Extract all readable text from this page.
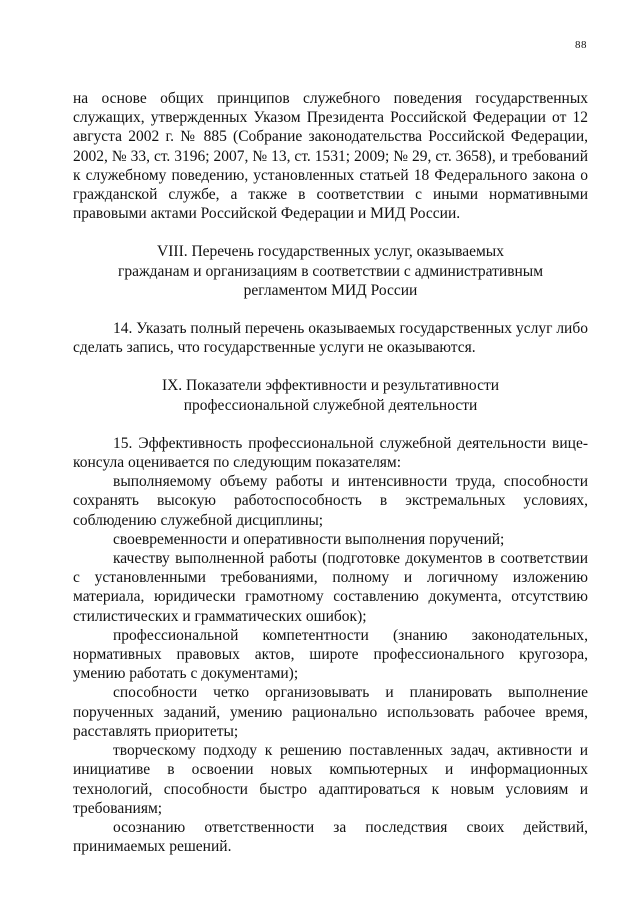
88

на основе общих принципов служебного поведения государственных служащих, утвержденных Указом Президента Российской Федерации от 12 августа 2002 г. № 885 (Собрание законодательства Российской Федерации, 2002, № 33, ст. 3196; 2007, № 13, ст. 1531; 2009; № 29, ст. 3658), и требований к служебному поведению, установленных статьей 18 Федерального закона о гражданской службе, а также в соответствии с иными нормативными правовыми актами Российской Федерации и МИД России.

VIII. Перечень государственных услуг, оказываемых
гражданам и организациям в соответствии с административным
регламентом МИД России

14. Указать полный перечень оказываемых государственных услуг либо сделать запись, что государственные услуги не оказываются.

IX. Показатели эффективности и результативности
профессиональной служебной деятельности

15. Эффективность профессиональной служебной деятельности вице-консула оценивается по следующим показателям:

выполняемому объему работы и интенсивности труда, способности сохранять высокую работоспособность в экстремальных условиях, соблюдению служебной дисциплины;

своевременности и оперативности выполнения поручений;

качеству выполненной работы (подготовке документов в соответствии с установленными требованиями, полному и логичному изложению материала, юридически грамотному составлению документа, отсутствию стилистических и грамматических ошибок);

профессиональной компетентности (знанию законодательных, нормативных правовых актов, широте профессионального кругозора, умению работать с документами);

способности четко организовывать и планировать выполнение порученных заданий, умению рационально использовать рабочее время, расставлять приоритеты;

творческому подходу к решению поставленных задач, активности и инициативе в освоении новых компьютерных и информационных технологий, способности быстро адаптироваться к новым условиям и требованиям;

осознанию ответственности за последствия своих действий, принимаемых решений.
